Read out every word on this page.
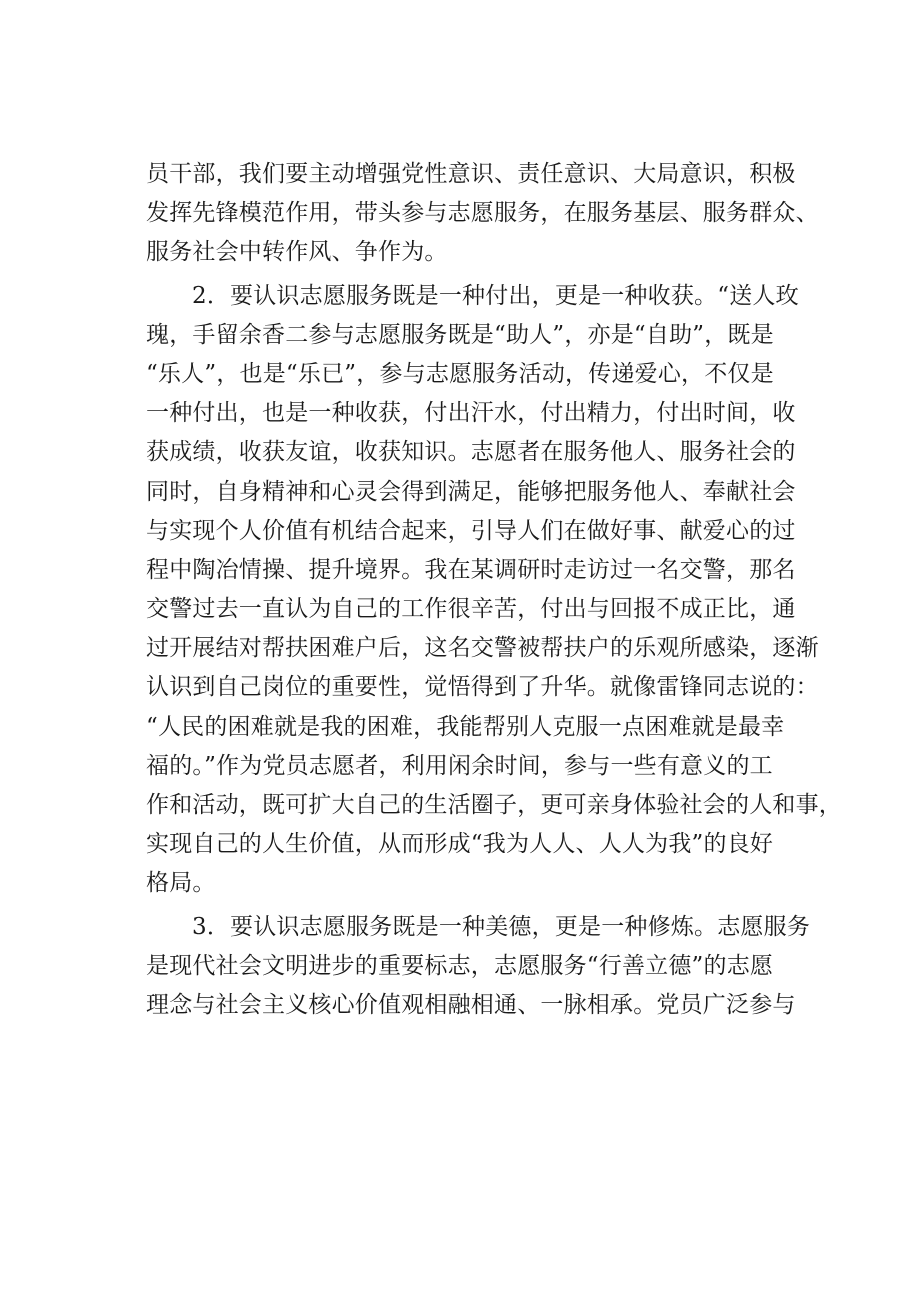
员干部，我们要主动增强党性意识、责任意识、大局意识，积极
发挥先锋模范作用，带头参与志愿服务，在服务基层、服务群众、
服务社会中转作风、争作为。

2．要认识志愿服务既是一种付出，更是一种收获。“送人玫
瑰，手留余香二参与志愿服务既是“助人”，亦是“自助”，既是
“乐人”，也是“乐已”，参与志愿服务活动，传递爱心，不仅是
一种付出，也是一种收获，付出汗水，付出精力，付出时间，收
获成绩，收获友谊，收获知识。志愿者在服务他人、服务社会的
同时，自身精神和心灵会得到满足，能够把服务他人、奉献社会
与实现个人价值有机结合起来，引导人们在做好事、献爱心的过
程中陶冶情操、提升境界。我在某调研时走访过一名交警，那名
交警过去一直认为自己的工作很辛苦，付出与回报不成正比，通
过开展结对帮扶困难户后，这名交警被帮扶户的乐观所感染，逐渐
认识到自己岗位的重要性，觉悟得到了升华。就像雷锋同志说的：
“人民的困难就是我的困难，我能帮别人克服一点困难就是最幸
福的。”作为党员志愿者，利用闲余时间，参与一些有意义的工
作和活动，既可扩大自己的生活圈子，更可亲身体验社会的人和事，
实现自己的人生价值，从而形成“我为人人、人人为我”的良好
格局。

3．要认识志愿服务既是一种美德，更是一种修炼。志愿服务
是现代社会文明进步的重要标志，志愿服务“行善立德”的志愿
理念与社会主义核心价值观相融相通、一脉相承。党员广泛参与
